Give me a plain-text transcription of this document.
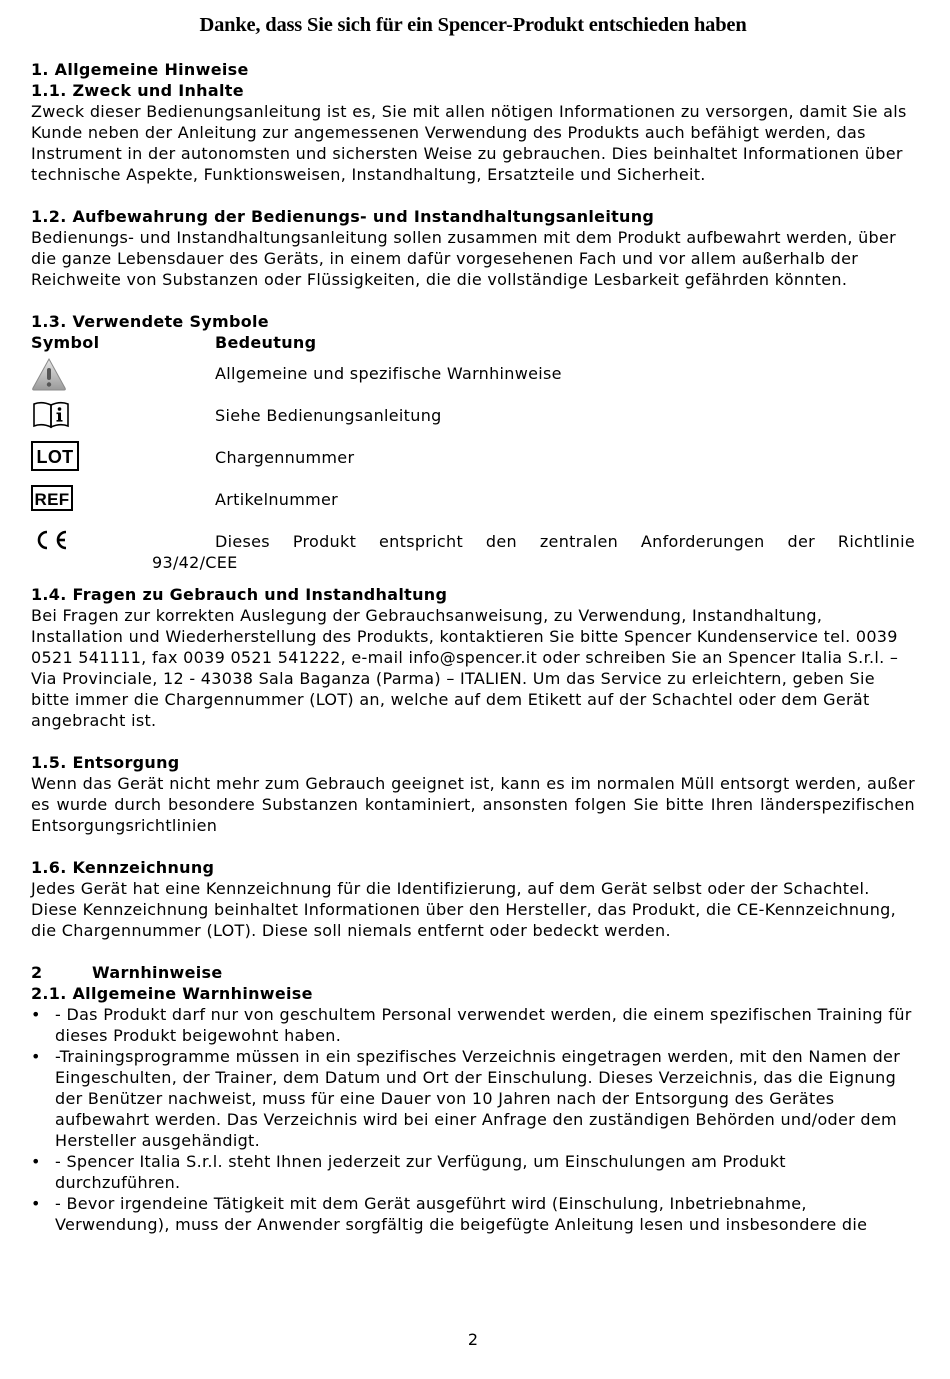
Danke, dass Sie sich für ein Spencer-Produkt entschieden haben

1. Allgemeine Hinweise

1.1. Zweck und Inhalte

Zweck dieser Bedienungsanleitung ist es, Sie mit allen nötigen Informationen zu versorgen, damit Sie als Kunde neben der Anleitung zur angemessenen Verwendung des Produkts auch befähigt werden, das Instrument in der autonomsten und sichersten Weise zu gebrauchen. Dies beinhaltet Informationen über technische Aspekte, Funktionsweisen, Instandhaltung, Ersatzteile und Sicherheit.

1.2. Aufbewahrung der Bedienungs- und Instandhaltungsanleitung

Bedienungs- und Instandhaltungsanleitung sollen zusammen mit dem Produkt aufbewahrt werden, über die ganze Lebensdauer des Geräts, in einem dafür vorgesehenen Fach und vor allem außerhalb der Reichweite von Substanzen oder Flüssigkeiten, die die vollständige Lesbarkeit gefährden könnten.

1.3. Verwendete Symbole

Symbol	Bedeutung
Allgemeine und spezifische Warnhinweise
Siehe Bedienungsanleitung
LOT	Chargennummer
REF	Artikelnummer
Dieses Produkt entspricht den zentralen Anforderungen der Richtlinie
93/42/CEE

1.4. Fragen zu Gebrauch und Instandhaltung

Bei Fragen zur korrekten Auslegung der Gebrauchsanweisung, zu Verwendung, Instandhaltung, Installation und Wiederherstellung des Produkts, kontaktieren Sie bitte Spencer Kundenservice tel. 0039 0521 541111, fax 0039 0521 541222, e-mail info@spencer.it oder schreiben Sie an Spencer Italia S.r.l. – Via Provinciale, 12 - 43038 Sala Baganza (Parma) – ITALIEN. Um das Service zu erleichtern, geben Sie bitte immer die Chargennummer (LOT) an, welche auf dem Etikett auf der Schachtel oder dem Gerät angebracht ist.

1.5. Entsorgung

Wenn das Gerät nicht mehr zum Gebrauch geeignet ist, kann es im normalen Müll entsorgt werden, außer es wurde durch besondere Substanzen kontaminiert, ansonsten folgen Sie bitte Ihren länderspezifischen Entsorgungsrichtlinien

1.6. Kennzeichnung

Jedes Gerät hat eine Kennzeichnung für die Identifizierung, auf dem Gerät selbst oder der Schachtel. Diese Kennzeichnung beinhaltet Informationen über den Hersteller, das Produkt, die CE-Kennzeichnung, die Chargennummer (LOT). Diese soll niemals entfernt oder bedeckt werden.

2	Warnhinweise

2.1. Allgemeine Warnhinweise

• - Das Produkt darf nur von geschultem Personal verwendet werden, die einem spezifischen Training für dieses Produkt beigewohnt haben.
• -Trainingsprogramme müssen in ein spezifisches Verzeichnis eingetragen werden, mit den Namen der Eingeschulten, der Trainer, dem Datum und Ort der Einschulung. Dieses Verzeichnis, das die Eignung der Benützer nachweist, muss für eine Dauer von 10 Jahren nach der Entsorgung des Gerätes aufbewahrt werden. Das Verzeichnis wird bei einer Anfrage den zuständigen Behörden und/oder dem Hersteller ausgehändigt.
• - Spencer Italia S.r.l. steht Ihnen jederzeit zur Verfügung, um Einschulungen am Produkt durchzuführen.
• - Bevor irgendeine Tätigkeit mit dem Gerät ausgeführt wird (Einschulung, Inbetriebnahme, Verwendung), muss der Anwender sorgfältig die beigefügte Anleitung lesen und insbesondere die
2
